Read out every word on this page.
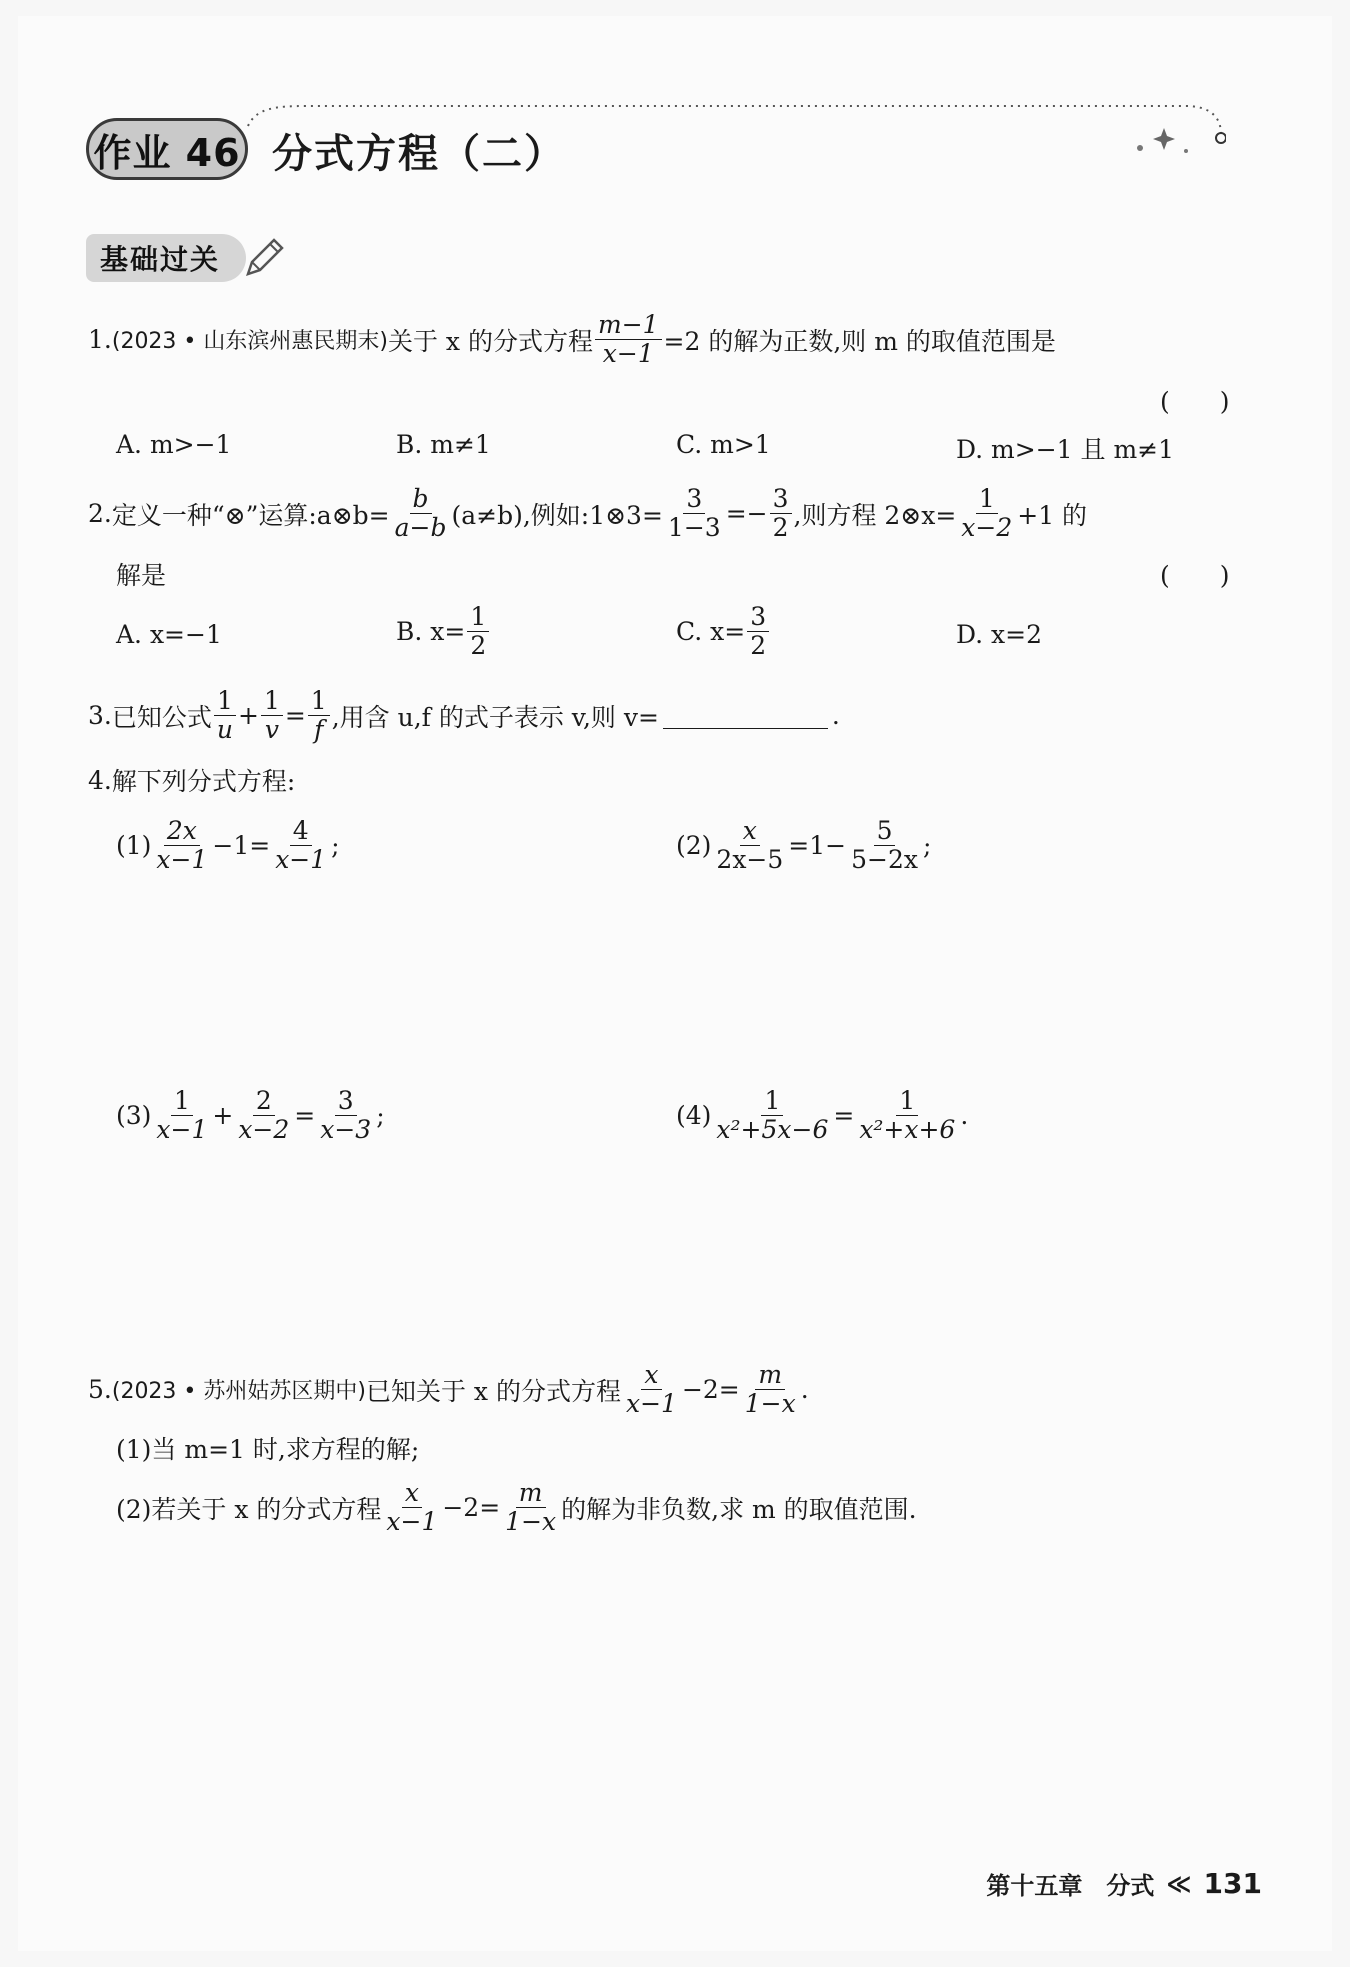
作业 46 分式方程（二）
基础过关
1. (2023 • 山东滨州惠民期末) 关于 x 的分式方程 $\frac{m-1}{x-1} =2$ 的解为正数,则 m 的取值范围是
(　　)
A. m>−1	B. m≠1	C. m>1	D. m>−1 且 m≠1
2. 定义一种“⊗”运算:a⊗b= $\frac{b}{a-b} (a\ne b)$,例如:1⊗3= $\frac{3}{1-3} =- \frac{3}{2}$ ,则方程 2⊗x= $\frac{1}{x-2} +1$ 的
解是	(　　)
A. x=−1	B. $x= \frac{1}{2}$	C. $x= \frac{3}{2}$	D. x=2
3. 已知公式 $\frac{1}{u} + \frac{1}{v} = \frac{1}{f}$ ,用含 u,f 的式子表示 v,则 v=	.
4. 解下列分式方程:
$(1) \frac{2x}{x-1} -1= \frac{4}{x-1}$ ;	$(2) \frac{x}{2x-5} =1- \frac{5}{5-2x}$ ;
$(3) \frac{1}{x-1} + \frac{2}{x-2} = \frac{3}{x-3}$ ;	$(4) \frac{1}{\text{x²+5x−6}} = \frac{1}{\text{x²+x+6}}$ .
5. (2023 • 苏州姑苏区期中) 已知关于 x 的分式方程 $\frac{x}{x-1} -2= \frac{m}{1-x}$ .
(1)当 m=1 时,求方程的解;
(2)若关于 x 的分式方程 $\frac{x}{x-1} -2= \frac{m}{1-x}$ 的解为非负数,求 m 的取值范围.
第十五章　分式 ≪ 131
